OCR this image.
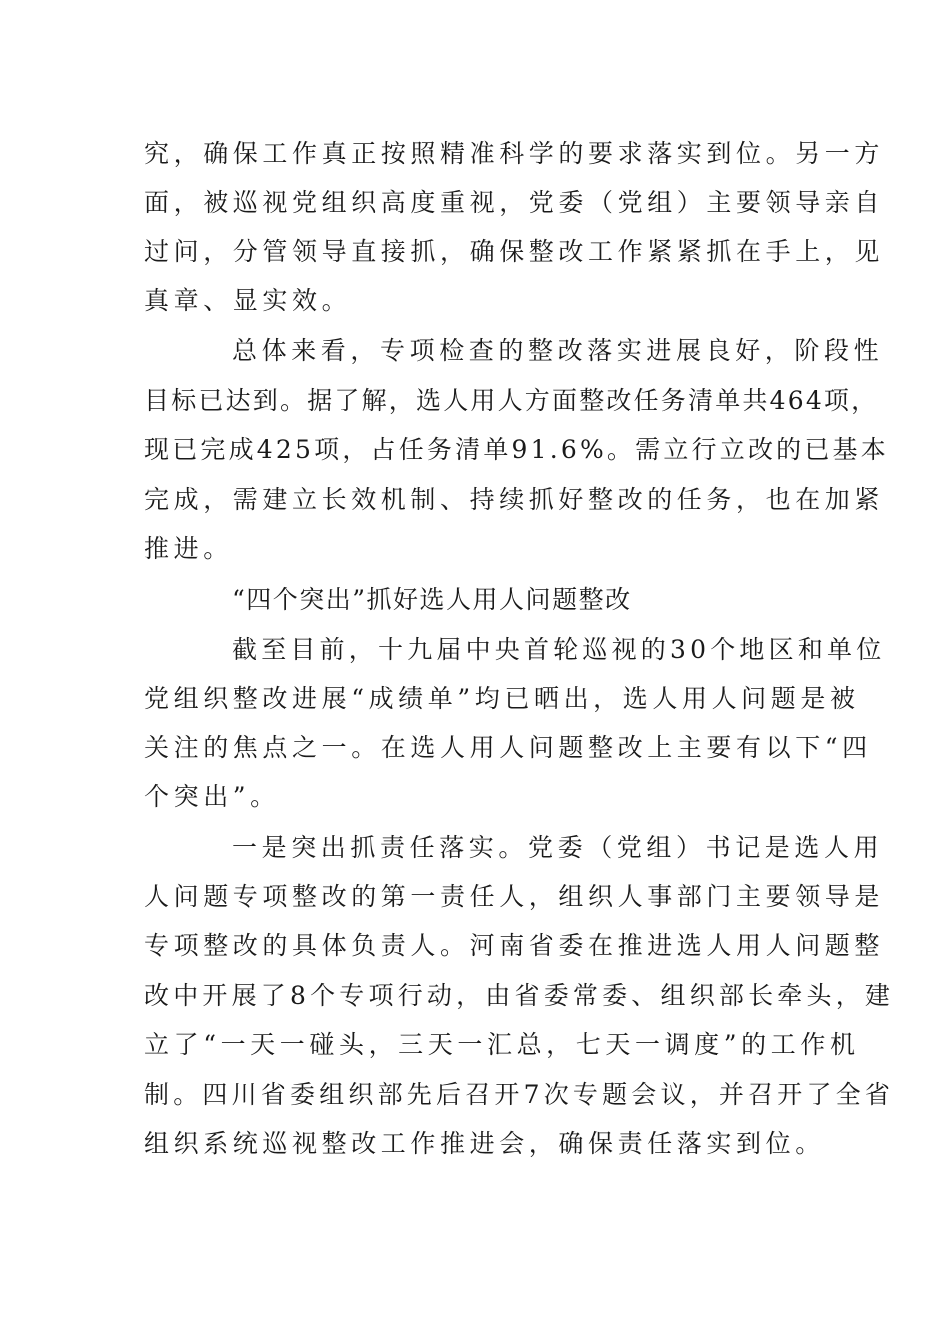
究，确保工作真正按照精准科学的要求落实到位。另一方
面，被巡视党组织高度重视，党委（党组）主要领导亲自
过问，分管领导直接抓，确保整改工作紧紧抓在手上，见
真章、显实效。
总体来看，专项检查的整改落实进展良好，阶段性
目标已达到。据了解，选人用人方面整改任务清单共464项，
现已完成425项，占任务清单91.6%。需立行立改的已基本
完成，需建立长效机制、持续抓好整改的任务，也在加紧
推进。
“四个突出”抓好选人用人问题整改
截至目前，十九届中央首轮巡视的30个地区和单位
党组织整改进展“成绩单”均已晒出，选人用人问题是被
关注的焦点之一。在选人用人问题整改上主要有以下“四
个突出”。
一是突出抓责任落实。党委（党组）书记是选人用
人问题专项整改的第一责任人，组织人事部门主要领导是
专项整改的具体负责人。河南省委在推进选人用人问题整
改中开展了8个专项行动，由省委常委、组织部长牵头，建
立了“一天一碰头，三天一汇总，七天一调度”的工作机
制。四川省委组织部先后召开7次专题会议，并召开了全省
组织系统巡视整改工作推进会，确保责任落实到位。
